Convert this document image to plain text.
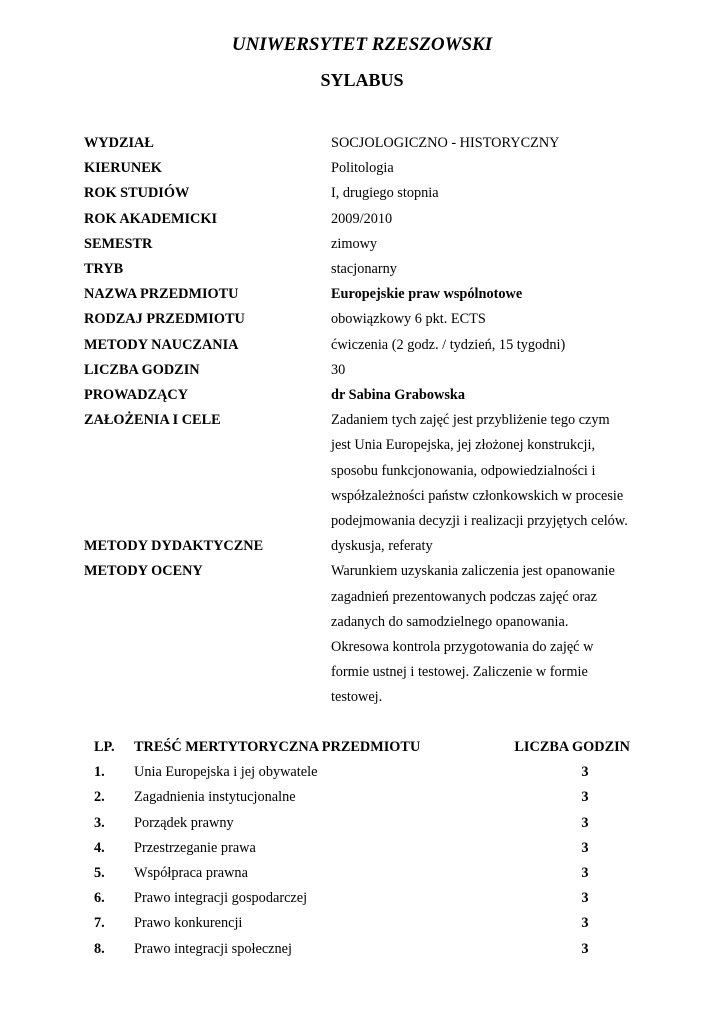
UNIWERSYTET RZESZOWSKI
SYLABUS
WYDZIAŁ	SOCJOLOGICZNO - HISTORYCZNY
KIERUNEK	Politologia
ROK STUDIÓW	I, drugiego stopnia
ROK AKADEMICKI	2009/2010
SEMESTR	zimowy
TRYB	stacjonarny
NAZWA PRZEDMIOTU	Europejskie praw wspólnotowe
RODZAJ PRZEDMIOTU	obowiązkowy 6 pkt. ECTS
METODY NAUCZANIA	ćwiczenia (2 godz. / tydzień, 15 tygodni)
LICZBA GODZIN	30
PROWADZĄCY	dr Sabina Grabowska
ZAŁOŻENIA I CELE	Zadaniem tych zajęć jest przybliżenie tego czym
jest Unia Europejska, jej złożonej konstrukcji,
sposobu funkcjonowania, odpowiedzialności i
współzależności państw członkowskich w procesie
podejmowania decyzji i realizacji przyjętych celów.
METODY DYDAKTYCZNE	dyskusja, referaty
METODY OCENY	Warunkiem uzyskania zaliczenia jest opanowanie
zagadnień prezentowanych podczas zajęć oraz
zadanych do samodzielnego opanowania.
Okresowa kontrola przygotowania do zajęć w
formie ustnej i testowej. Zaliczenie w formie
testowej.
LP.	TREŚĆ MERTYTORYCZNA PRZEDMIOTU	LICZBA GODZIN
1.	Unia Europejska i jej obywatele	3
2.	Zagadnienia instytucjonalne	3
3.	Porządek prawny	3
4.	Przestrzeganie prawa	3
5.	Współpraca prawna	3
6.	Prawo integracji gospodarczej	3
7.	Prawo konkurencji	3
8.	Prawo integracji społecznej	3
